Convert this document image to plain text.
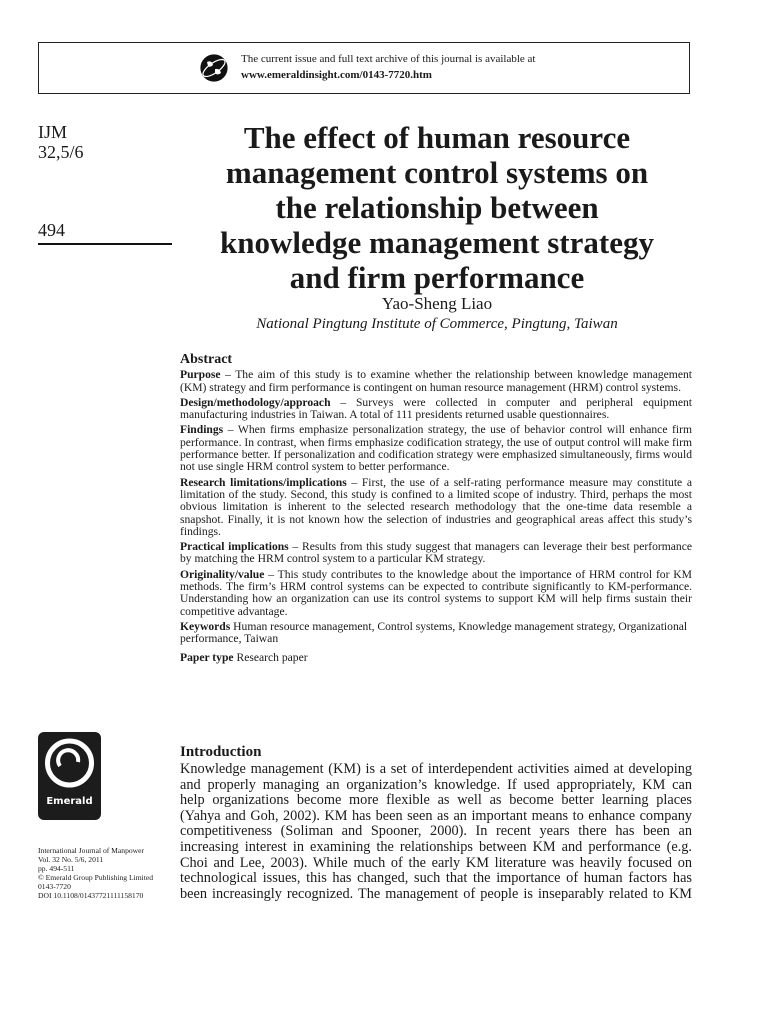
The current issue and full text archive of this journal is available at
www.emeraldinsight.com/0143-7720.htm
IJM
32,5/6
494
The effect of human resource
management control systems on
the relationship between
knowledge management strategy
and firm performance
Yao-Sheng Liao
National Pingtung Institute of Commerce, Pingtung, Taiwan
Abstract

Purpose – The aim of this study is to examine whether the relationship between knowledge management (KM) strategy and firm performance is contingent on human resource management (HRM) control systems.

Design/methodology/approach – Surveys were collected in computer and peripheral equipment manufacturing industries in Taiwan. A total of 111 presidents returned usable questionnaires.

Findings – When firms emphasize personalization strategy, the use of behavior control will enhance firm performance. In contrast, when firms emphasize codification strategy, the use of output control will make firm performance better. If personalization and codification strategy were emphasized simultaneously, firms would not use single HRM control system to better performance.

Research limitations/implications – First, the use of a self-rating performance measure may constitute a limitation of the study. Second, this study is confined to a limited scope of industry. Third, perhaps the most obvious limitation is inherent to the selected research methodology that the one-time data resemble a snapshot. Finally, it is not known how the selection of industries and geographical areas affect this study’s findings.

Practical implications – Results from this study suggest that managers can leverage their best performance by matching the HRM control system to a particular KM strategy.

Originality/value – This study contributes to the knowledge about the importance of HRM control for KM methods. The firm’s HRM control systems can be expected to contribute significantly to KM-performance. Understanding how an organization can use its control systems to support KM will help firms sustain their competitive advantage.

Keywords Human resource management, Control systems, Knowledge management strategy, Organizational performance, Taiwan

Paper type Research paper

Emerald
International Journal of Manpower
Vol. 32 No. 5/6, 2011
pp. 494-511
© Emerald Group Publishing Limited
0143-7720
DOI 10.1108/01437721111158170
Introduction
Knowledge management (KM) is a set of interdependent activities aimed at developing
and properly managing an organization’s knowledge. If used appropriately, KM can
help organizations become more flexible as well as become better learning places
(Yahya and Goh, 2002). KM has been seen as an important means to enhance company
competitiveness (Soliman and Spooner, 2000). In recent years there has been an
increasing interest in examining the relationships between KM and performance (e.g.
Choi and Lee, 2003). While much of the early KM literature was heavily focused on
technological issues, this has changed, such that the importance of human factors has
been increasingly recognized. The management of people is inseparably related to KM
